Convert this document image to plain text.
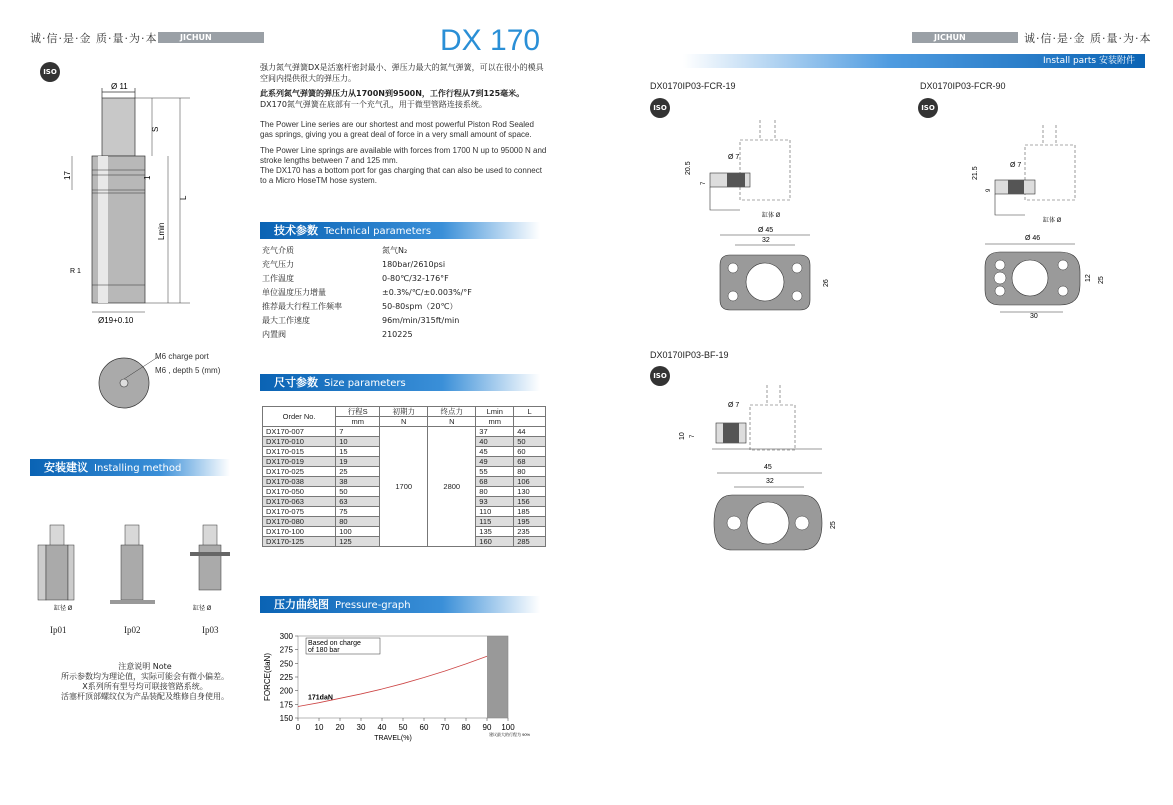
诚·信·是·金 质·量·为·本	JICHUN	DX 170
ISO
Ø 11
S
L
Lmin
17	1
R 1
Ø19+0.10
M6 charge port
M6 , depth 5 (mm)
强力氮气弹簧DX是活塞杆密封最小、弹压力最大的氮气弹簧，可以在很小的模具空间内提供很大的弹压力。
此系列氮气弹簧的弹压力从1700N到9500N，工作行程从7到125毫米。
DX170氮气弹簧在底部有一个充气孔，用于微型管路连接系统。
The Power Line series are our shortest and most powerful Piston Rod Sealed gas springs, giving you a great deal of force in a very small amount of space.
The Power Line springs are available with forces from 1700 N up to 95000 N and stroke lengths between 7 and 125 mm.
The DX170 has a bottom port for gas charging that can also be used to connect to a Micro HoseTM hose system.
技术参数 Technical parameters
充气介质	氮气N₂
充气压力	180bar/2610psi
工作温度	0-80℃/32-176°F
单位温度压力增量	±0.3%/℃/±0.003%/°F
推荐最大行程工作频率	50-80spm（20℃）
最大工作速度	96m/min/315ft/min
内置阀	210225
尺寸参数 Size parameters
Order No.	行程S	初期力	终点力	Lmin	L
	mm	N	N	mm	
DX170-007	7	1700	2800	37	44
DX170-010	10			40	50
DX170-015	15			45	60
DX170-019	19			49	68
DX170-025	25			55	80
DX170-038	38			68	106
DX170-050	50			80	130
DX170-063	63			93	156
DX170-075	75			110	185
DX170-080	80			115	195
DX170-100	100			135	235
DX170-125	125			160	285
压力曲线图 Pressure-graph
0 10 20 30 40 50 60 70 80 90 100
150
175
200
225
250
275
300
TRAVEL(%)
FORCE(daN)
Based on charge
of 180 bar
171daN
建议最大的行程为 90%
安装建议 Installing method
缸径 Ø	缸径 Ø
Ip01	Ip02	Ip03
注意说明 Note
所示参数均为理论值，实际可能会有微小偏差。
X系列所有型号均可联接管路系统。
活塞杆顶部螺纹仅为产品装配及维修自身使用。
JICHUN	诚·信·是·金 质·量·为·本
Install parts 安装附件
DX0170IP03-FCR-19
ISO
DX0170IP03-FCR-90
ISO
DX0170IP03-BF-19
ISO
20.5
Ø 7
7
缸体 Ø
Ø 45
32
26
21.5
Ø 7
9
缸体 Ø
Ø 46
12 25
30
Ø 7
10 7
45
32
25
